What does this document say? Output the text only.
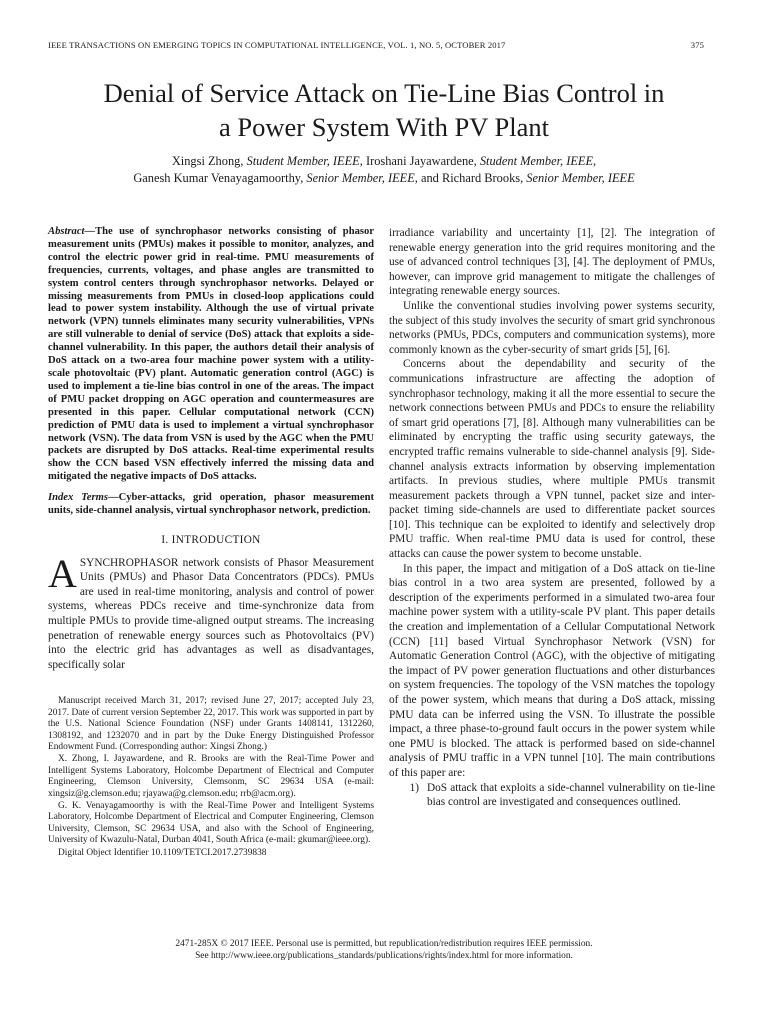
IEEE TRANSACTIONS ON EMERGING TOPICS IN COMPUTATIONAL INTELLIGENCE, VOL. 1, NO. 5, OCTOBER 2017	375
Denial of Service Attack on Tie-Line Bias Control in
a Power System With PV Plant
Xingsi Zhong, Student Member, IEEE, Iroshani Jayawardene, Student Member, IEEE,
Ganesh Kumar Venayagamoorthy, Senior Member, IEEE, and Richard Brooks, Senior Member, IEEE
Abstract—The use of synchrophasor networks consisting of phasor measurement units (PMUs) makes it possible to monitor, analyzes, and control the electric power grid in real-time. PMU measurements of frequencies, currents, voltages, and phase angles are transmitted to system control centers through synchrophasor networks. Delayed or missing measurements from PMUs in closed-loop applications could lead to power system instability. Although the use of virtual private network (VPN) tunnels eliminates many security vulnerabilities, VPNs are still vulnerable to denial of service (DoS) attack that exploits a side-channel vulnerability. In this paper, the authors detail their analysis of DoS attack on a two-area four machine power system with a utility-scale photovoltaic (PV) plant. Automatic generation control (AGC) is used to implement a tie-line bias control in one of the areas. The impact of PMU packet dropping on AGC operation and countermeasures are presented in this paper. Cellular computational network (CCN) prediction of PMU data is used to implement a virtual synchrophasor network (VSN). The data from VSN is used by the AGC when the PMU packets are disrupted by DoS attacks. Real-time experimental results show the CCN based VSN effectively inferred the missing data and mitigated the negative impacts of DoS attacks.
Index Terms—Cyber-attacks, grid operation, phasor measurement units, side-channel analysis, virtual synchrophasor network, prediction.
I. INTRODUCTION
ASYNCHROPHASOR network consists of Phasor Measurement Units (PMUs) and Phasor Data Concentrators (PDCs). PMUs are used in real-time monitoring, analysis and control of power systems, whereas PDCs receive and time-synchronize data from multiple PMUs to provide time-aligned output streams. The increasing penetration of renewable energy sources such as Photovoltaics (PV) into the electric grid has advantages as well as disadvantages, specifically solar

Manuscript received March 31, 2017; revised June 27, 2017; accepted July 23, 2017. Date of current version September 22, 2017. This work was supported in part by the U.S. National Science Foundation (NSF) under Grants 1408141, 1312260, 1308192, and 1232070 and in part by the Duke Energy Distinguished Professor Endowment Fund. (Corresponding author: Xingsi Zhong.)

X. Zhong, I. Jayawardene, and R. Brooks are with the Real-Time Power and Intelligent Systems Laboratory, Holcombe Department of Electrical and Computer Engineering, Clemson University, Clemsonm, SC 29634 USA (e-mail: xingsiz@g.clemson.edu; rjayawa@g.clemson.edu; rrb@acm.org).

G. K. Venayagamoorthy is with the Real-Time Power and Intelligent Systems Laboratory, Holcombe Department of Electrical and Computer Engineering, Clemson University, Clemson, SC 29634 USA, and also with the School of Engineering, University of Kwazulu-Natal, Durban 4041, South Africa (e-mail: gkumar@ieee.org).

Digital Object Identifier 10.1109/TETCI.2017.2739838

irradiance variability and uncertainty [1], [2]. The integration of renewable energy generation into the grid requires monitoring and the use of advanced control techniques [3], [4]. The deployment of PMUs, however, can improve grid management to mitigate the challenges of integrating renewable energy sources.

Unlike the conventional studies involving power systems security, the subject of this study involves the security of smart grid synchronous networks (PMUs, PDCs, computers and communication systems), more commonly known as the cyber-security of smart grids [5], [6].

Concerns about the dependability and security of the communications infrastructure are affecting the adoption of synchrophasor technology, making it all the more essential to secure the network connections between PMUs and PDCs to ensure the reliability of smart grid operations [7], [8]. Although many vulnerabilities can be eliminated by encrypting the traffic using security gateways, the encrypted traffic remains vulnerable to side-channel analysis [9]. Side-channel analysis extracts information by observing implementation artifacts. In previous studies, where multiple PMUs transmit measurement packets through a VPN tunnel, packet size and inter-packet timing side-channels are used to differentiate packet sources [10]. This technique can be exploited to identify and selectively drop PMU traffic. When real-time PMU data is used for control, these attacks can cause the power system to become unstable.

In this paper, the impact and mitigation of a DoS attack on tie-line bias control in a two area system are presented, followed by a description of the experiments performed in a simulated two-area four machine power system with a utility-scale PV plant. This paper details the creation and implementation of a Cellular Computational Network (CCN) [11] based Virtual Synchrophasor Network (VSN) for Automatic Generation Control (AGC), with the objective of mitigating the impact of PV power generation fluctuations and other disturbances on system frequencies. The topology of the VSN matches the topology of the power system, which means that during a DoS attack, missing PMU data can be inferred using the VSN. To illustrate the possible impact, a three phase-to-ground fault occurs in the power system while one PMU is blocked. The attack is performed based on side-channel analysis of PMU traffic in a VPN tunnel [10]. The main contributions of this paper are:

1) DoS attack that exploits a side-channel vulnerability on tie-line bias control are investigated and consequences outlined.
2471-285X © 2017 IEEE. Personal use is permitted, but republication/redistribution requires IEEE permission.
See http://www.ieee.org/publications_standards/publications/rights/index.html for more information.
